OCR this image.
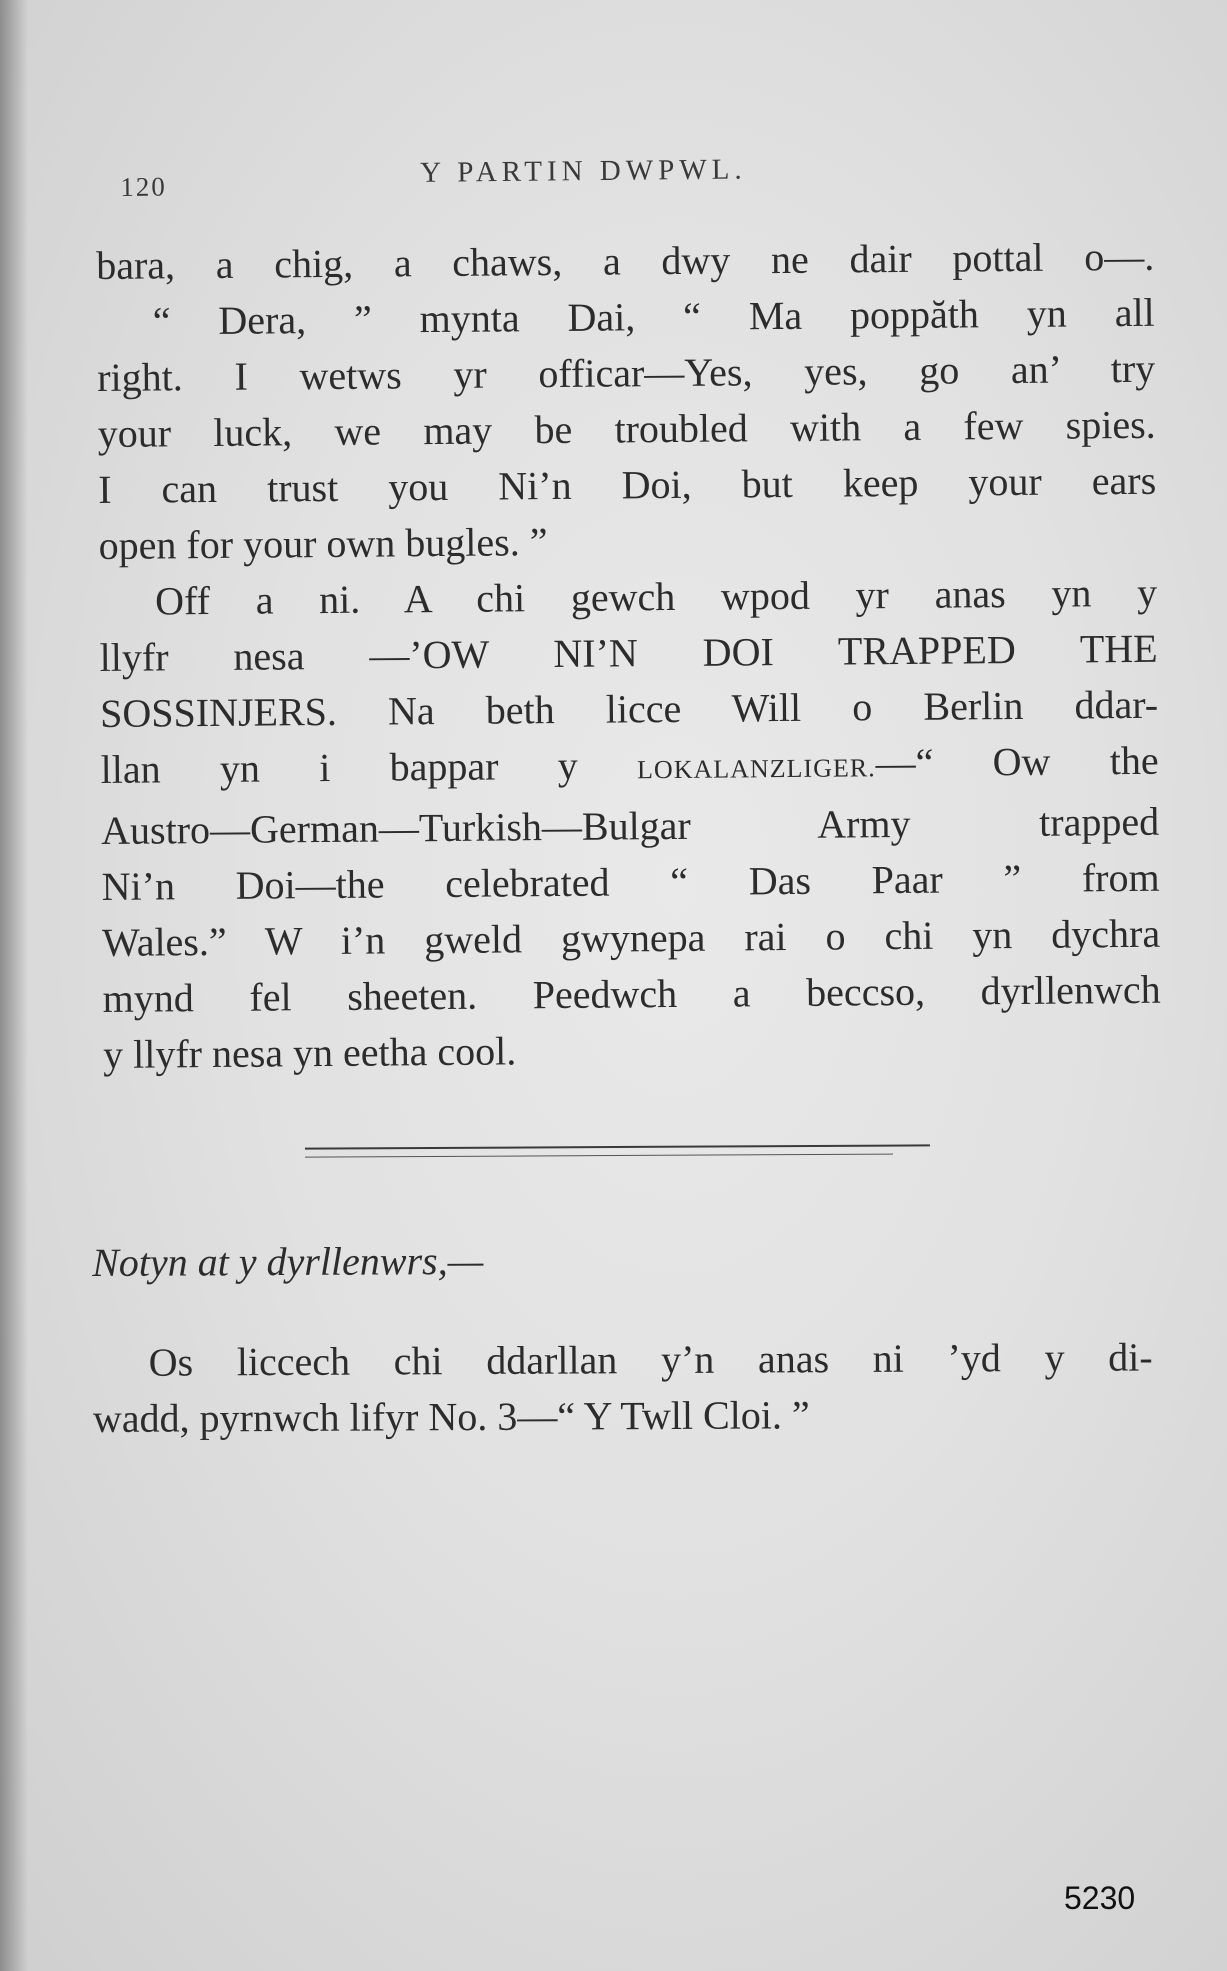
120	Y PARTIN DWPWL.
bara, a chig, a chaws, a dwy ne dair pottal o—.
“ Dera, ” mynta Dai, “ Ma poppăth yn all
right. I wetws yr officar—Yes, yes, go an’ try
your luck, we may be troubled with a few spies.
I can trust you Ni’n Doi, but keep your ears
open for your own bugles. ”
Off a ni. A chi gewch wpod yr anas yn y
llyfr nesa —’OW NI’N DOI TRAPPED THE
SOSSINJERS. Na beth licce Will o Berlin ddar-
llan yn i bappar y LOKALANZLIGER.—“ Ow the
Austro—German—Turkish—Bulgar Army trapped
Ni’n Doi—the celebrated “ Das Paar ” from
Wales.” W i’n gweld gwynepa rai o chi yn dychra
mynd fel sheeten. Peedwch a beccso, dyrllenwch
y llyfr nesa yn eetha cool.
Notyn at y dyrllenwrs,—
Os liccech chi ddarllan y’n anas ni ’yd y di-
wadd, pyrnwch lifyr No. 3—“ Y Twll Cloi. ”
5230
